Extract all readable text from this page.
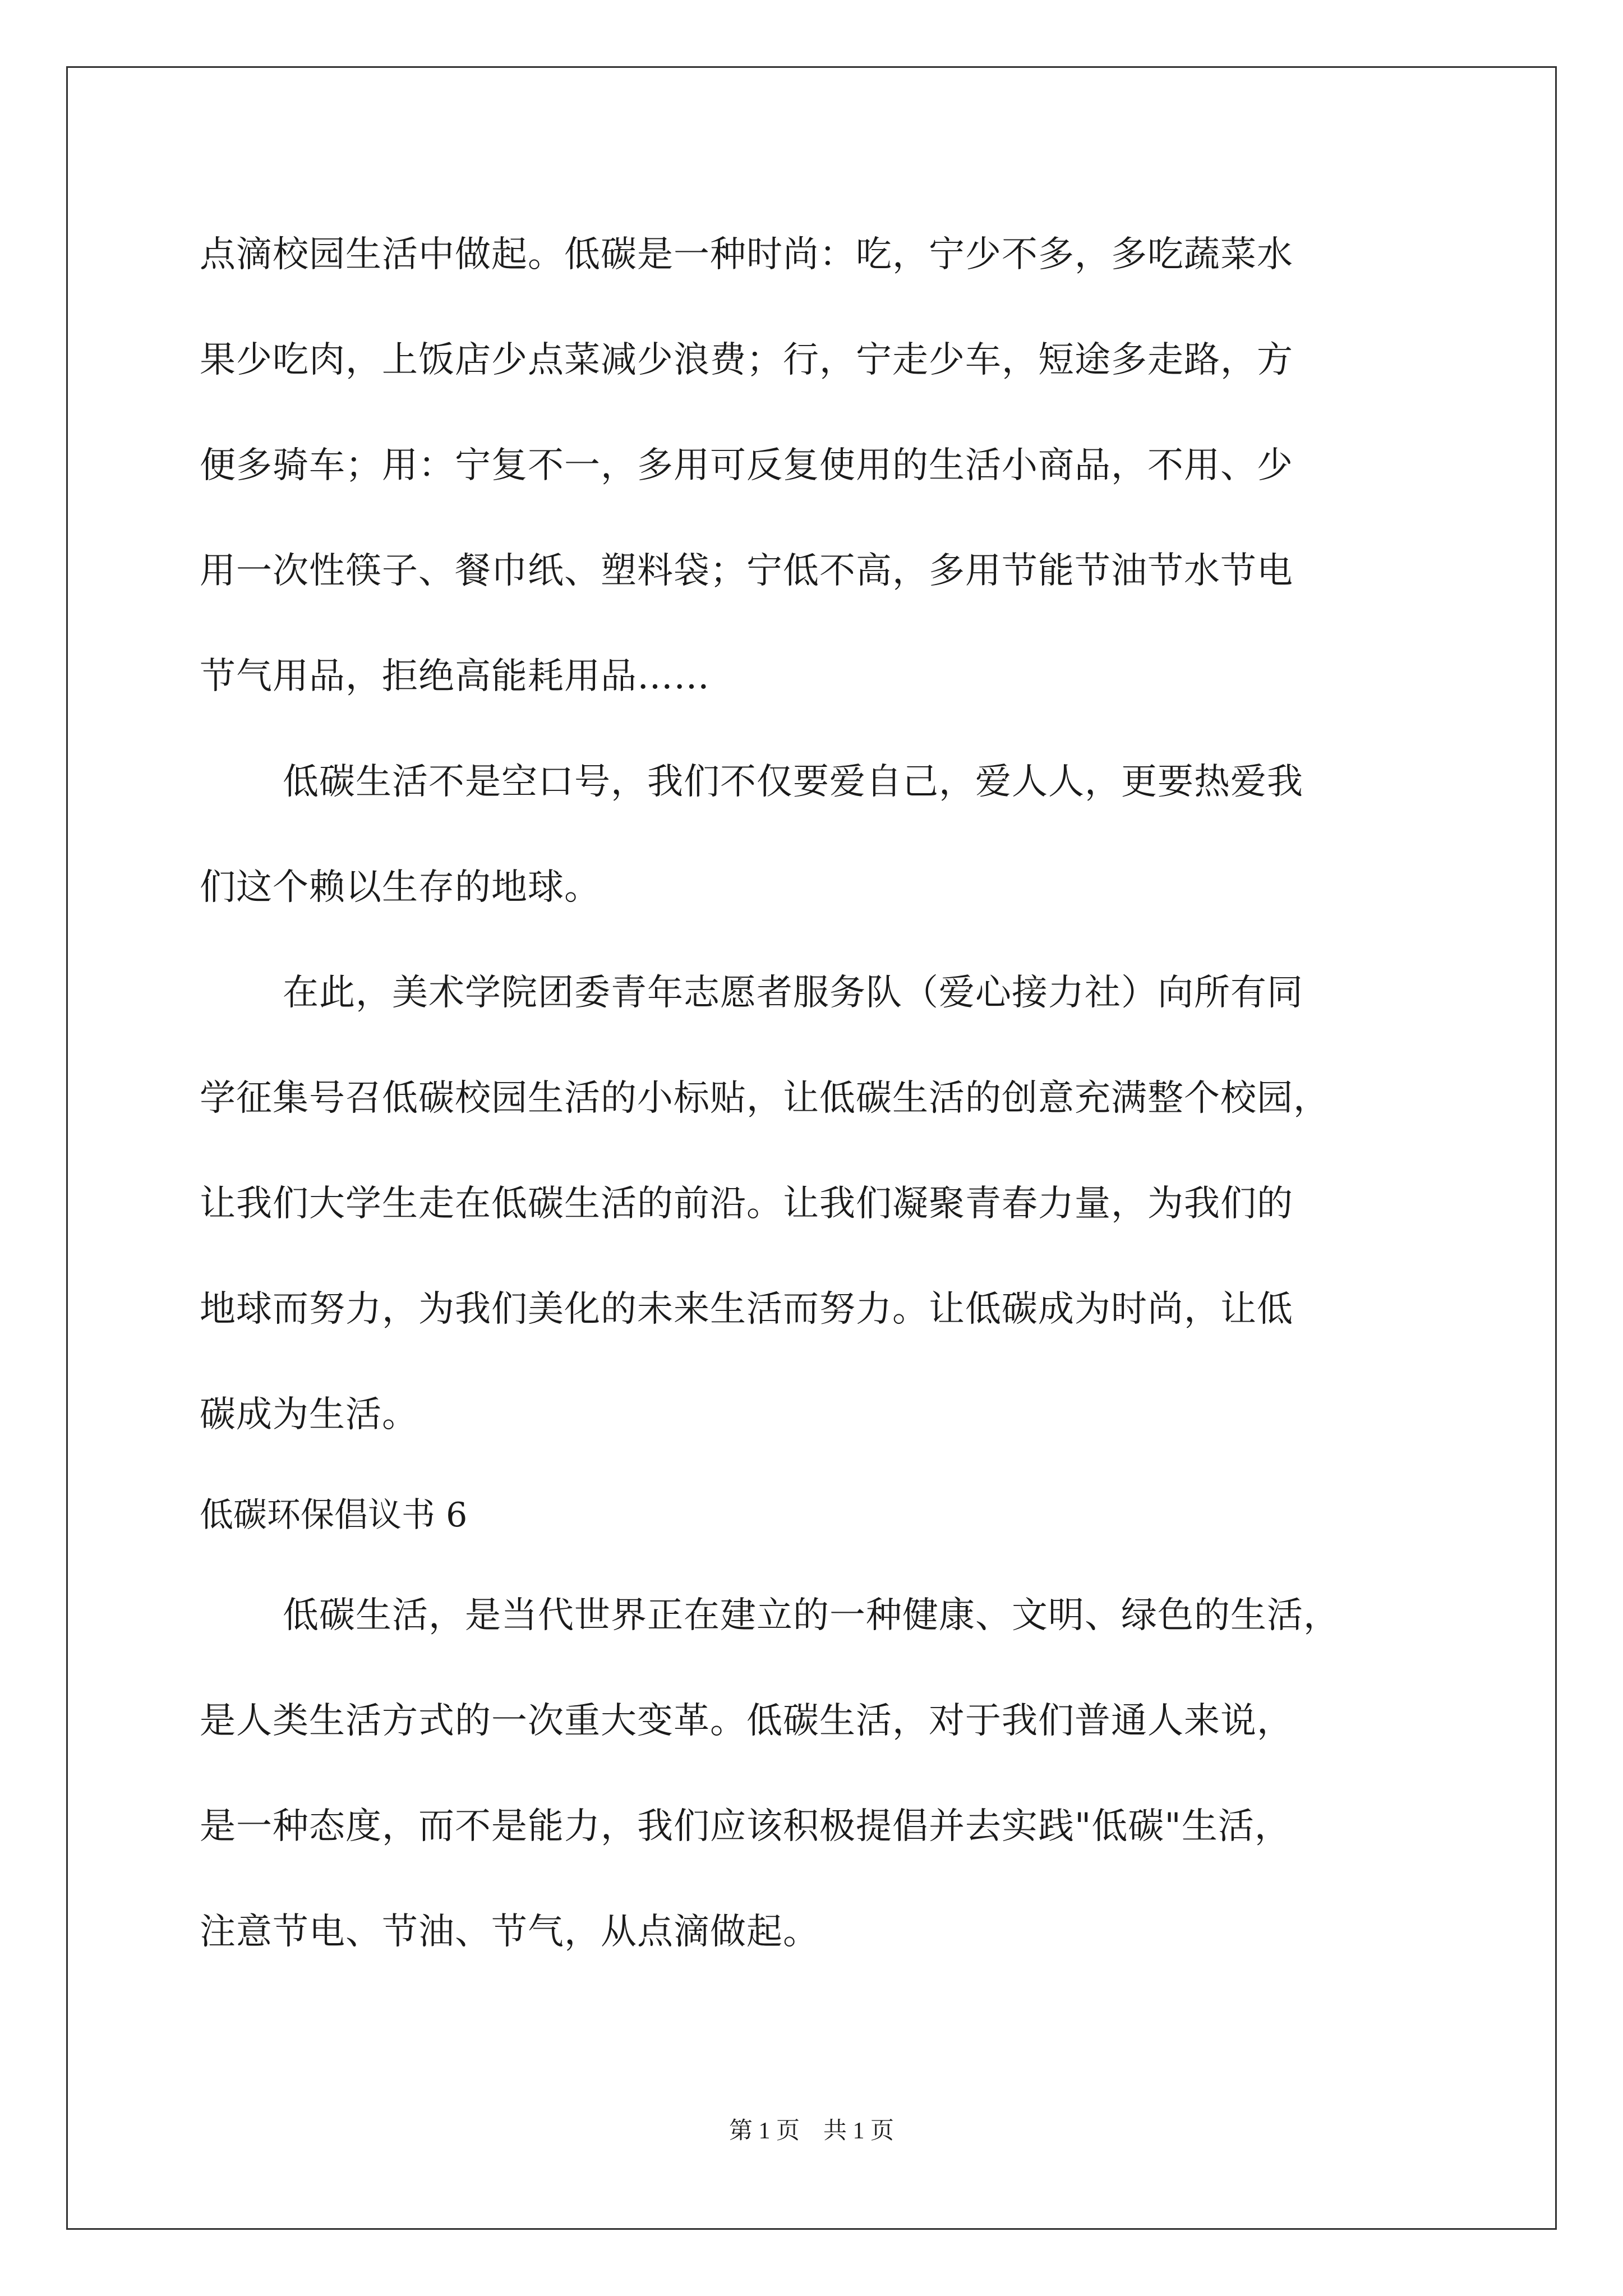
点滴校园生活中做起。低碳是一种时尚：吃，宁少不多，多吃蔬菜水
果少吃肉，上饭店少点菜减少浪费；行，宁走少车，短途多走路，方
便多骑车；用：宁复不一，多用可反复使用的生活小商品，不用、少
用一次性筷子、餐巾纸、塑料袋；宁低不高，多用节能节油节水节电
节气用品，拒绝高能耗用品……
低碳生活不是空口号，我们不仅要爱自己，爱人人，更要热爱我
们这个赖以生存的地球。
在此，美术学院团委青年志愿者服务队（爱心接力社）向所有同
学征集号召低碳校园生活的小标贴，让低碳生活的创意充满整个校园，
让我们大学生走在低碳生活的前沿。让我们凝聚青春力量，为我们的
地球而努力，为我们美化的未来生活而努力。让低碳成为时尚，让低
碳成为生活。
低碳环保倡议书 6
低碳生活，是当代世界正在建立的一种健康、文明、绿色的生活，
是人类生活方式的一次重大变革。低碳生活，对于我们普通人来说，
是一种态度，而不是能力，我们应该积极提倡并去实践"低碳"生活，
注意节电、节油、节气，从点滴做起。
第 1 页　共 1 页
